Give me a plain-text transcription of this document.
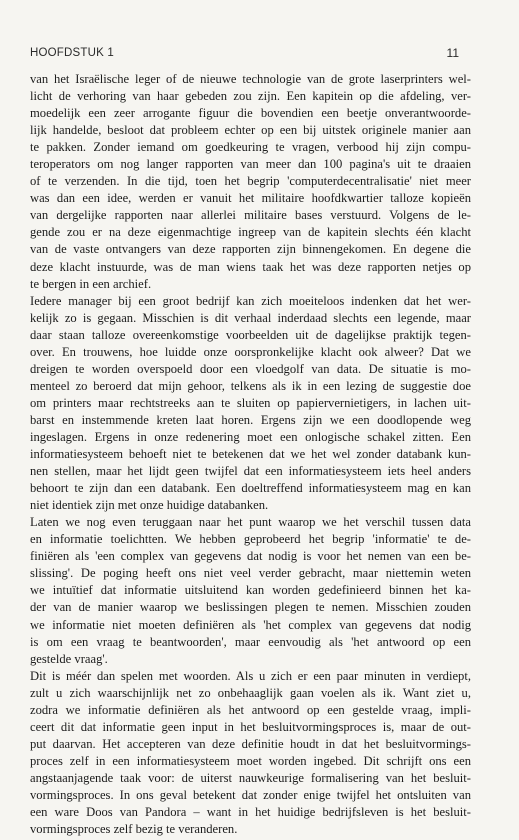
HOOFDSTUK 1	11

van het Israëlische leger of de nieuwe technologie van de grote laserprinters wel-
licht de verhoring van haar gebeden zou zijn. Een kapitein op die afdeling, ver-
moedelijk een zeer arrogante figuur die bovendien een beetje onverantwoorde-
lijk handelde, besloot dat probleem echter op een bij uitstek originele manier aan
te pakken. Zonder iemand om goedkeuring te vragen, verbood hij zijn compu-
teroperators om nog langer rapporten van meer dan 100 pagina's uit te draaien
of te verzenden. In die tijd, toen het begrip 'computerdecentralisatie' niet meer
was dan een idee, werden er vanuit het militaire hoofdkwartier talloze kopieën
van dergelijke rapporten naar allerlei militaire bases verstuurd. Volgens de le-
gende zou er na deze eigenmachtige ingreep van de kapitein slechts één klacht
van de vaste ontvangers van deze rapporten zijn binnengekomen. En degene die
deze klacht instuurde, was de man wiens taak het was deze rapporten netjes op
te bergen in een archief.

Iedere manager bij een groot bedrijf kan zich moeiteloos indenken dat het wer-
kelijk zo is gegaan. Misschien is dit verhaal inderdaad slechts een legende, maar
daar staan talloze overeenkomstige voorbeelden uit de dagelijkse praktijk tegen-
over. En trouwens, hoe luidde onze oorspronkelijke klacht ook alweer? Dat we
dreigen te worden overspoeld door een vloedgolf van data. De situatie is mo-
menteel zo beroerd dat mijn gehoor, telkens als ik in een lezing de suggestie doe
om printers maar rechtstreeks aan te sluiten op papiervernietigers, in lachen uit-
barst en instemmende kreten laat horen. Ergens zijn we een doodlopende weg
ingeslagen. Ergens in onze redenering moet een onlogische schakel zitten. Een
informatiesysteem behoeft niet te betekenen dat we het wel zonder databank kun-
nen stellen, maar het lijdt geen twijfel dat een informatiesysteem iets heel anders
behoort te zijn dan een databank. Een doeltreffend informatiesysteem mag en kan
niet identiek zijn met onze huidige databanken.

Laten we nog even teruggaan naar het punt waarop we het verschil tussen data
en informatie toelichtten. We hebben geprobeerd het begrip 'informatie' te de-
finiëren als 'een complex van gegevens dat nodig is voor het nemen van een be-
slissing'. De poging heeft ons niet veel verder gebracht, maar niettemin weten
we intuïtief dat informatie uitsluitend kan worden gedefinieerd binnen het ka-
der van de manier waarop we beslissingen plegen te nemen. Misschien zouden
we informatie niet moeten definiëren als 'het complex van gegevens dat nodig
is om een vraag te beantwoorden', maar eenvoudig als 'het antwoord op een
gestelde vraag'.

Dit is méér dan spelen met woorden. Als u zich er een paar minuten in verdiept,
zult u zich waarschijnlijk net zo onbehaaglijk gaan voelen als ik. Want ziet u,
zodra we informatie definiëren als het antwoord op een gestelde vraag, impli-
ceert dit dat informatie geen input in het besluitvormingsproces is, maar de out-
put daarvan. Het accepteren van deze definitie houdt in dat het besluitvormings-
proces zelf in een informatiesysteem moet worden ingebed. Dit schrijft ons een
angstaanjagende taak voor: de uiterst nauwkeurige formalisering van het besluit-
vormingsproces. In ons geval betekent dat zonder enige twijfel het ontsluiten van
een ware Doos van Pandora – want in het huidige bedrijfsleven is het besluit-
vormingsproces zelf bezig te veranderen.
